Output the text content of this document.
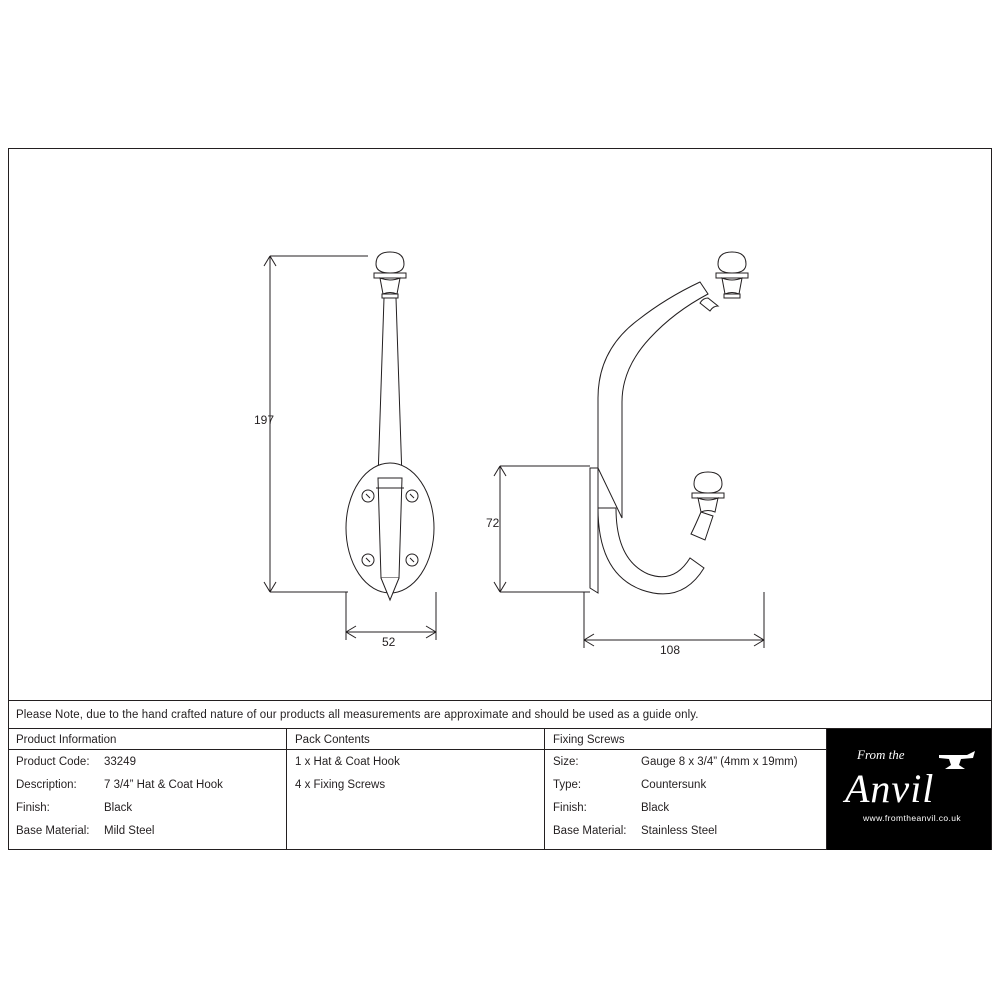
197
52
72
108
Please Note, due to the hand crafted nature of our products all measurements are approximate and should be used as a guide only.
Product Information
Product Code: 33249
Description: 7 3/4” Hat & Coat Hook
Finish:	Black
Base Material: Mild Steel
Pack Contents
1 x Hat & Coat Hook
4 x Fixing Screws
Fixing Screws
Size:	Gauge 8 x 3/4” (4mm x 19mm)
Type:	Countersunk
Finish:	Black
Base Material: Stainless Steel
From the
Anvil
www.fromtheanvil.co.uk
